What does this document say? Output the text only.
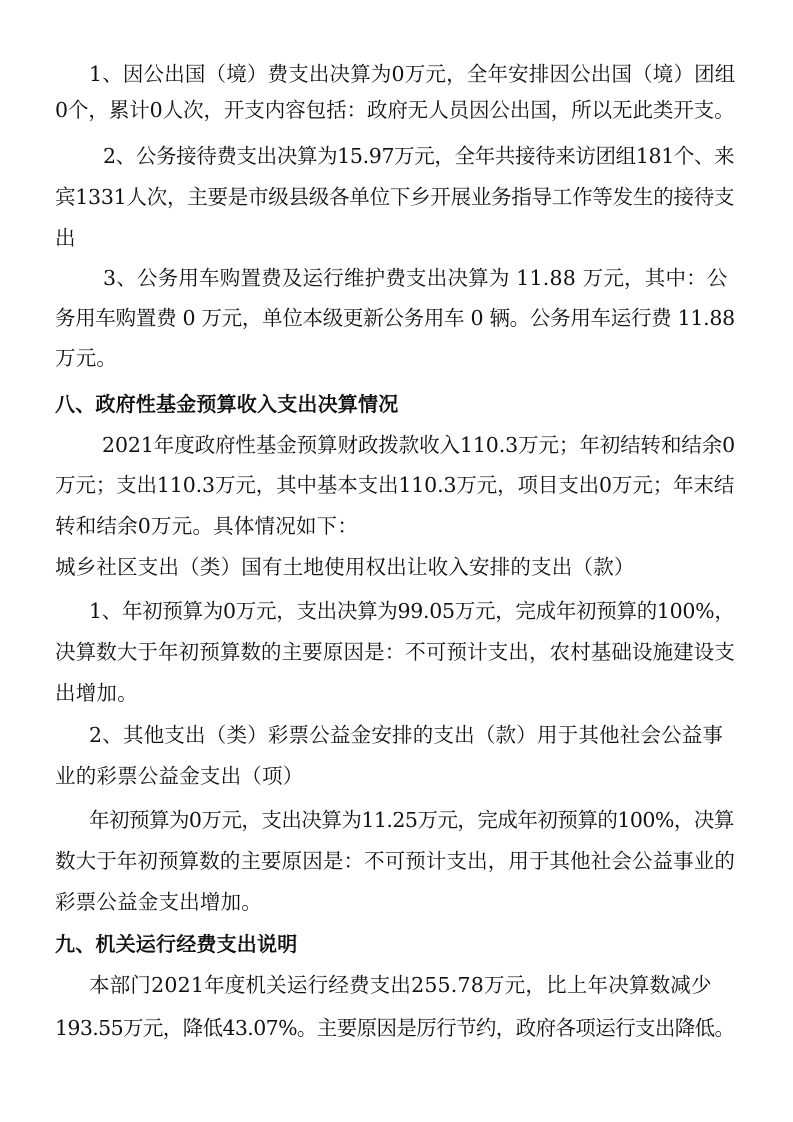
1、因公出国（境）费支出决算为0万元，全年安排因公出国（境）团组
0个，累计0人次，开支内容包括：政府无人员因公出国，所以无此类开支。
2、公务接待费支出决算为15.97万元，全年共接待来访团组181个、来
宾1331人次，主要是市级县级各单位下乡开展业务指导工作等发生的接待支
出
3、公务用车购置费及运行维护费支出决算为 11.88 万元，其中：公
务用车购置费 0 万元，单位本级更新公务用车 0 辆。公务用车运行费 11.88
万元。
八、政府性基金预算收入支出决算情况
2021年度政府性基金预算财政拨款收入110.3万元；年初结转和结余0
万元；支出110.3万元，其中基本支出110.3万元，项目支出0万元；年末结
转和结余0万元。具体情况如下：
城乡社区支出（类）国有土地使用权出让收入安排的支出（款）
1、年初预算为0万元，支出决算为99.05万元，完成年初预算的100%，
决算数大于年初预算数的主要原因是：不可预计支出，农村基础设施建设支
出增加。
2、其他支出（类）彩票公益金安排的支出（款）用于其他社会公益事
业的彩票公益金支出（项）
年初预算为0万元，支出决算为11.25万元，完成年初预算的100%，决算
数大于年初预算数的主要原因是：不可预计支出，用于其他社会公益事业的
彩票公益金支出增加。
九、机关运行经费支出说明
本部门2021年度机关运行经费支出255.78万元，比上年决算数减少
193.55万元，降低43.07%。主要原因是厉行节约，政府各项运行支出降低。
